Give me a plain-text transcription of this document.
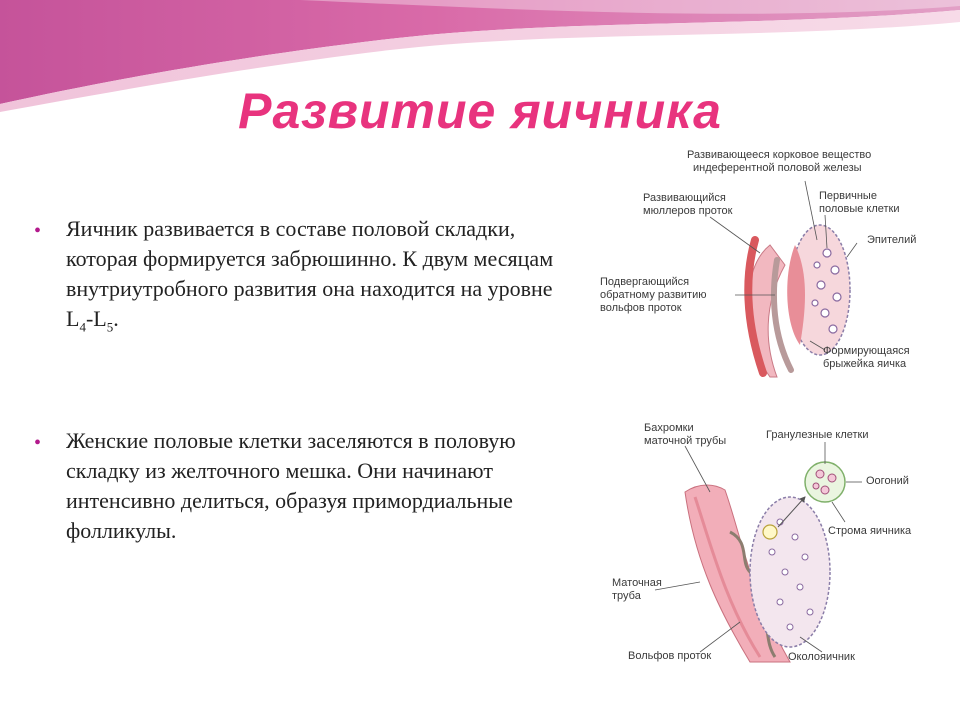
Развитие яичника
• Яичник развивается в составе половой складки, которая формируется забрюшинно. К двум месяцам внутриутробного развития она находится на уровне $L_4-L_5$.
• Женские половые клетки заселяются в половую складку из желточного мешка. Они начинают интенсивно делиться, образуя примордиальные фолликулы.
Развивающееся корковое вещество
индеферентной половой железы
Развивающийся
мюллеров проток
Первичные
половые клетки
Эпителий
Подвергающийся
обратному развитию
вольфов проток
Формирующаяся
брыжейка яичка
Бахромки
маточной трубы	Гранулезные клетки
Оогоний
Строма яичника
Маточная
труба
Вольфов проток	Околояичник
